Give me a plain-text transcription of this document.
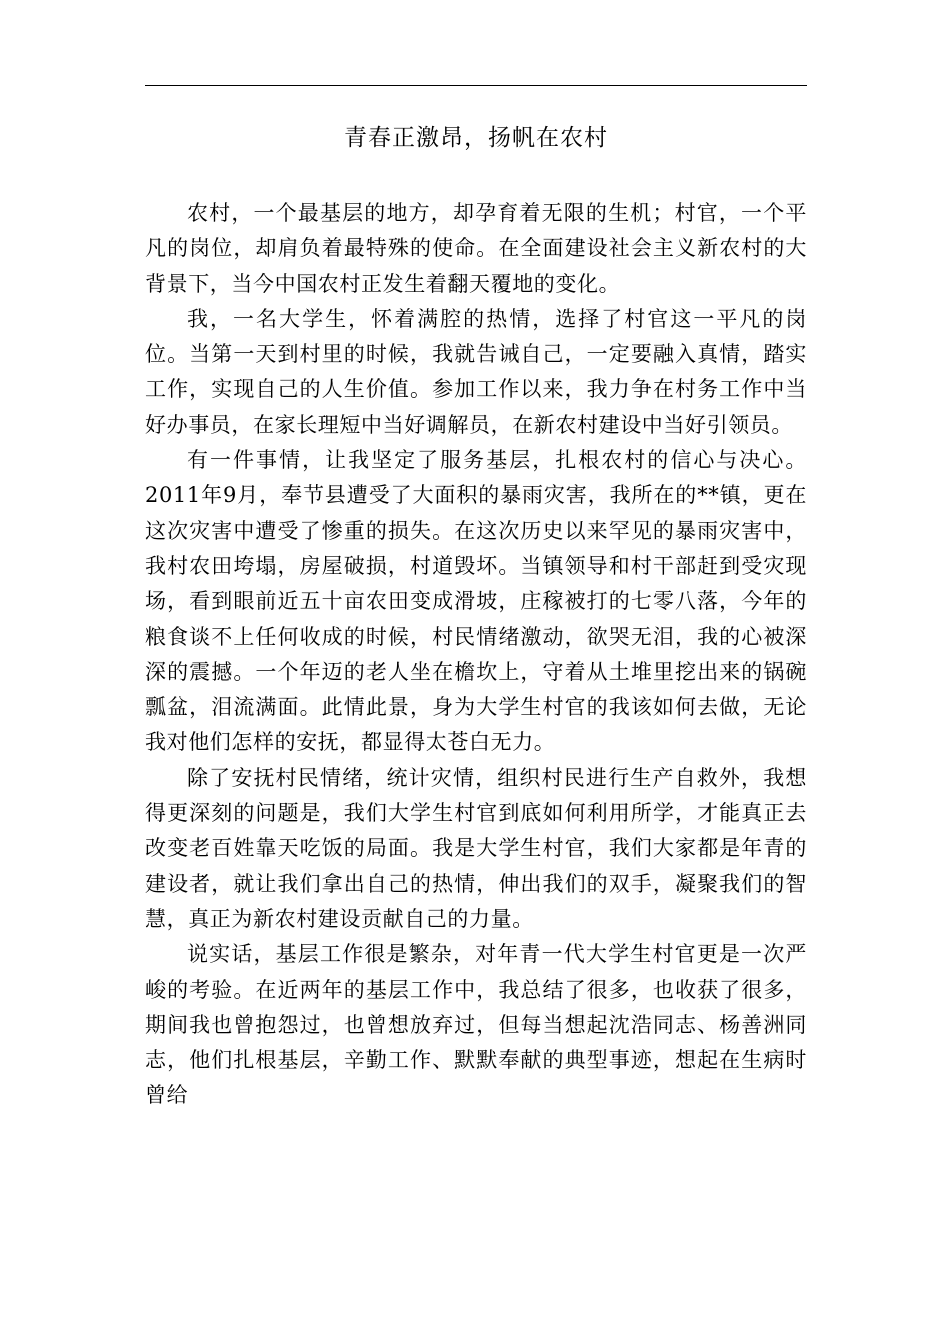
青春正激昂，扬帆在农村

农村，一个最基层的地方，却孕育着无限的生机；村官，一个平凡的岗位，却肩负着最特殊的使命。在全面建设社会主义新农村的大背景下，当今中国农村正发生着翻天覆地的变化。

我，一名大学生，怀着满腔的热情，选择了村官这一平凡的岗位。当第一天到村里的时候，我就告诫自己，一定要融入真情，踏实工作，实现自己的人生价值。参加工作以来，我力争在村务工作中当好办事员，在家长理短中当好调解员，在新农村建设中当好引领员。

有一件事情，让我坚定了服务基层，扎根农村的信心与决心。2011年9月，奉节县遭受了大面积的暴雨灾害，我所在的**镇，更在这次灾害中遭受了惨重的损失。在这次历史以来罕见的暴雨灾害中，我村农田垮塌，房屋破损，村道毁坏。当镇领导和村干部赶到受灾现场，看到眼前近五十亩农田变成滑坡，庄稼被打的七零八落，今年的粮食谈不上任何收成的时候，村民情绪激动，欲哭无泪，我的心被深深的震撼。一个年迈的老人坐在檐坎上，守着从土堆里挖出来的锅碗瓢盆，泪流满面。此情此景，身为大学生村官的我该如何去做，无论我对他们怎样的安抚，都显得太苍白无力。

除了安抚村民情绪，统计灾情，组织村民进行生产自救外，我想得更深刻的问题是，我们大学生村官到底如何利用所学，才能真正去改变老百姓靠天吃饭的局面。我是大学生村官，我们大家都是年青的建设者，就让我们拿出自己的热情，伸出我们的双手，凝聚我们的智慧，真正为新农村建设贡献自己的力量。

说实话，基层工作很是繁杂，对年青一代大学生村官更是一次严峻的考验。在近两年的基层工作中，我总结了很多，也收获了很多，期间我也曾抱怨过，也曾想放弃过，但每当想起沈浩同志、杨善洲同志，他们扎根基层，辛勤工作、默默奉献的典型事迹，想起在生病时曾给
